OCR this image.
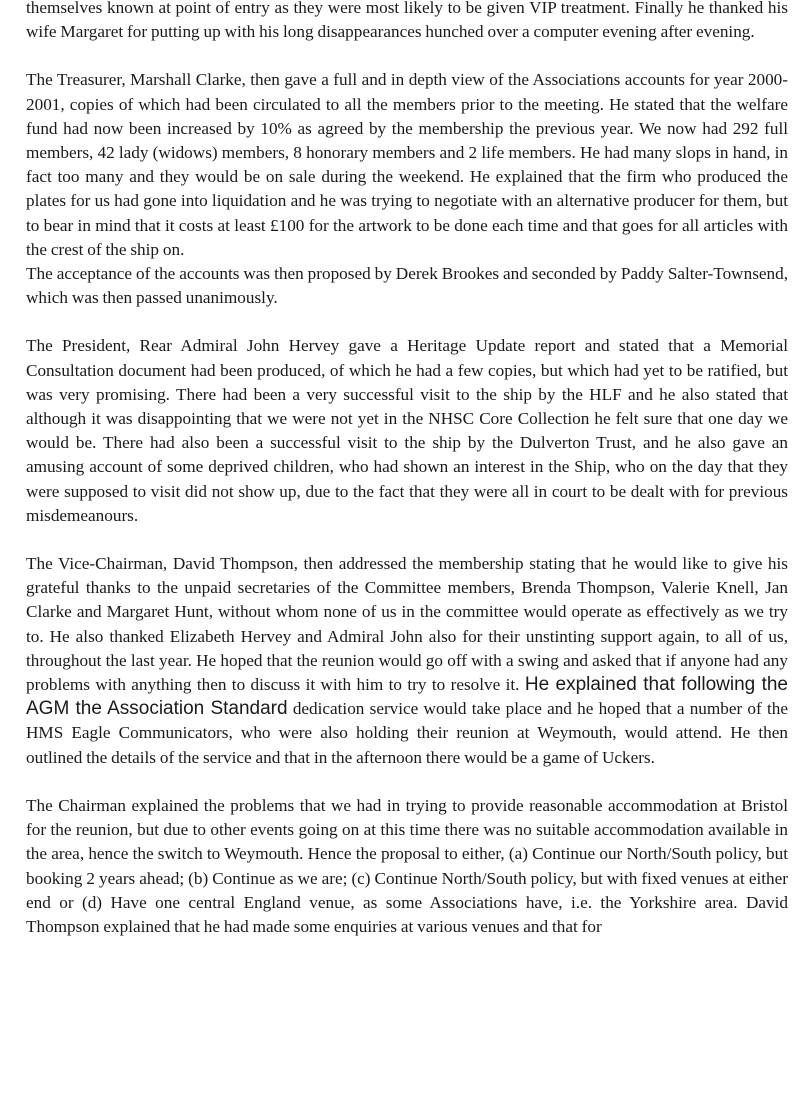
themselves known at point of entry as they were most likely to be given VIP treatment. Finally he thanked his wife Margaret for putting up with his long disappearances hunched over a computer evening after evening.

The Treasurer, Marshall Clarke, then gave a full and in depth view of the Associations accounts for year 2000-2001, copies of which had been circulated to all the members prior to the meeting. He stated that the welfare fund had now been increased by 10% as agreed by the membership the previous year. We now had 292 full members, 42 lady (widows) members, 8 honorary members and 2 life members. He had many slops in hand, in fact too many and they would be on sale during the weekend. He explained that the firm who produced the plates for us had gone into liquidation and he was trying to negotiate with an alternative producer for them, but to bear in mind that it costs at least £100 for the artwork to be done each time and that goes for all articles with the crest of the ship on.

The acceptance of the accounts was then proposed by Derek Brookes and seconded by Paddy Salter-Townsend, which was then passed unanimously.

The President, Rear Admiral John Hervey gave a Heritage Update report and stated that a Memorial Consultation document had been produced, of which he had a few copies, but which had yet to be ratified, but was very promising. There had been a very successful visit to the ship by the HLF and he also stated that although it was disappointing that we were not yet in the NHSC Core Collection he felt sure that one day we would be. There had also been a successful visit to the ship by the Dulverton Trust, and he also gave an amusing account of some deprived children, who had shown an interest in the Ship, who on the day that they were supposed to visit did not show up, due to the fact that they were all in court to be dealt with for previous misdemeanours.

The Vice-Chairman, David Thompson, then addressed the membership stating that he would like to give his grateful thanks to the unpaid secretaries of the Committee members, Brenda Thompson, Valerie Knell, Jan Clarke and Margaret Hunt, without whom none of us in the committee would operate as effectively as we try to. He also thanked Elizabeth Hervey and Admiral John also for their unstinting support again, to all of us, throughout the last year. He hoped that the reunion would go off with a swing and asked that if anyone had any problems with anything then to discuss it with him to try to resolve it. He explained that following the AGM the Association Standard dedication service would take place and he hoped that a number of the HMS Eagle Communicators, who were also holding their reunion at Weymouth, would attend. He then outlined the details of the service and that in the afternoon there would be a game of Uckers.

The Chairman explained the problems that we had in trying to provide reasonable accommodation at Bristol for the reunion, but due to other events going on at this time there was no suitable accommodation available in the area, hence the switch to Weymouth. Hence the proposal to either, (a) Continue our North/South policy, but booking 2 years ahead; (b) Continue as we are; (c) Continue North/South policy, but with fixed venues at either end or (d) Have one central England venue, as some Associations have, i.e. the Yorkshire area. David Thompson explained that he had made some enquiries at various venues and that for
